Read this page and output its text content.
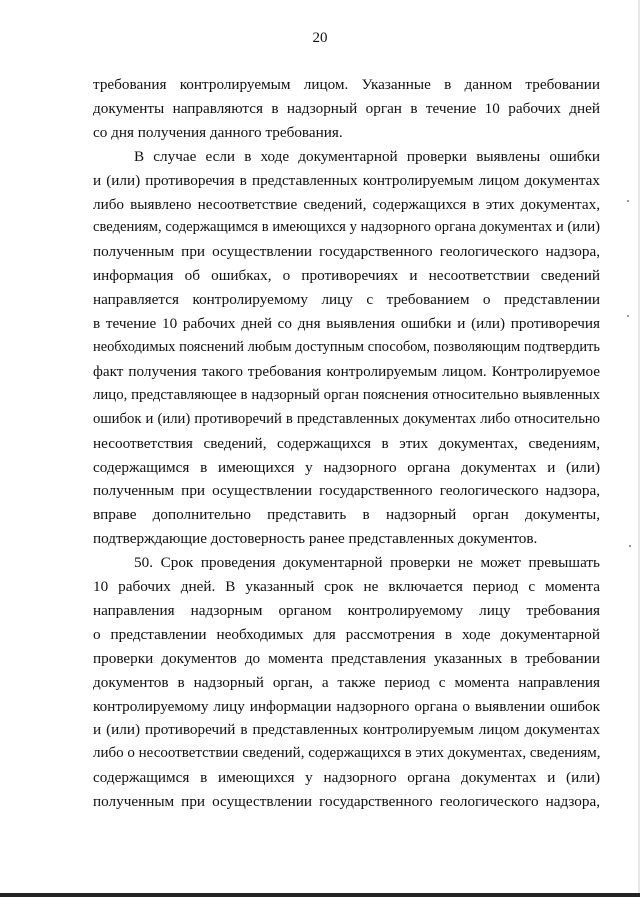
20

требования контролируемым лицом. Указанные в данном требовании
документы направляются в надзорный орган в течение 10 рабочих дней
со дня получения данного требования.

В случае если в ходе документарной проверки выявлены ошибки
и (или) противоречия в представленных контролируемым лицом документах
либо выявлено несоответствие сведений, содержащихся в этих документах,
сведениям, содержащимся в имеющихся у надзорного органа документах и (или)
полученным при осуществлении государственного геологического надзора,
информация об ошибках, о противоречиях и несоответствии сведений
направляется контролируемому лицу с требованием о представлении
в течение 10 рабочих дней со дня выявления ошибки и (или) противоречия
необходимых пояснений любым доступным способом, позволяющим подтвердить
факт получения такого требования контролируемым лицом. Контролируемое
лицо, представляющее в надзорный орган пояснения относительно выявленных
ошибок и (или) противоречий в представленных документах либо относительно
несоответствия сведений, содержащихся в этих документах, сведениям,
содержащимся в имеющихся у надзорного органа документах и (или)
полученным при осуществлении государственного геологического надзора,
вправе дополнительно представить в надзорный орган документы,
подтверждающие достоверность ранее представленных документов.

50. Срок проведения документарной проверки не может превышать
10 рабочих дней. В указанный срок не включается период с момента
направления надзорным органом контролируемому лицу требования
о представлении необходимых для рассмотрения в ходе документарной
проверки документов до момента представления указанных в требовании
документов в надзорный орган, а также период с момента направления
контролируемому лицу информации надзорного органа о выявлении ошибок
и (или) противоречий в представленных контролируемым лицом документах
либо о несоответствии сведений, содержащихся в этих документах, сведениям,
содержащимся в имеющихся у надзорного органа документах и (или)
полученным при осуществлении государственного геологического надзора,
